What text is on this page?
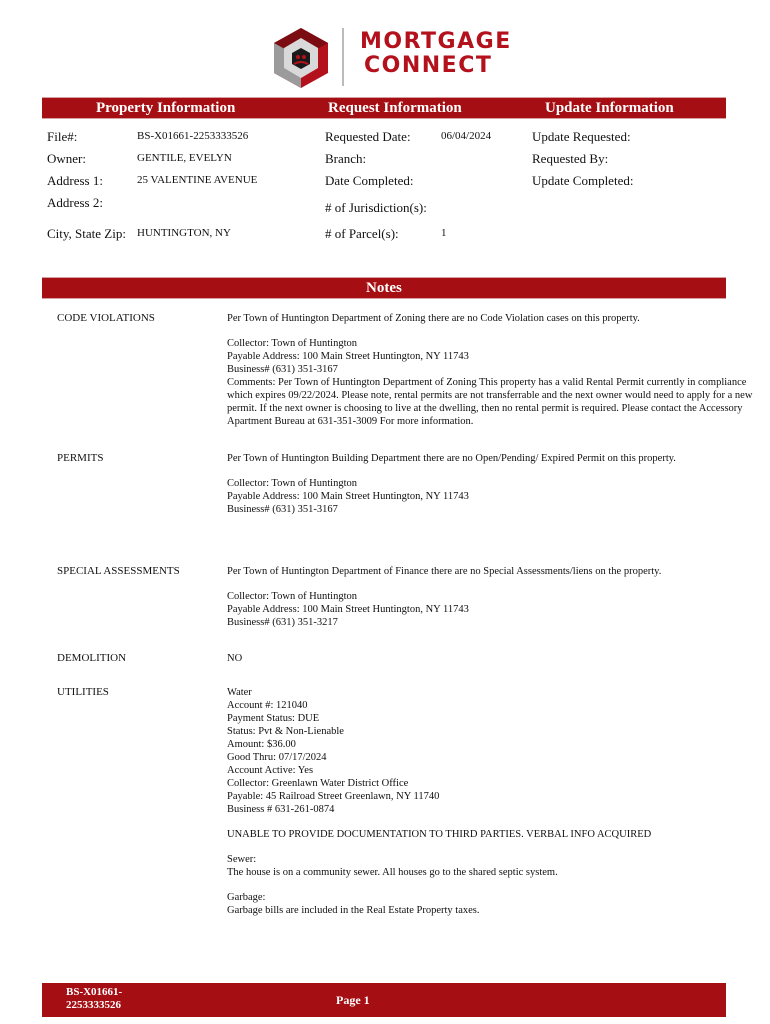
MORTGAGE
CONNECT
Property Information	Request Information	Update Information
File#:	BS-X01661-2253333526
Owner:	GENTILE, EVELYN
Address 1:	25 VALENTINE AVENUE
Address 2:
City, State Zip: HUNTINGTON, NY
Requested Date:	06/04/2024
Branch:
Date Completed:
# of Jurisdiction(s):
# of Parcel(s):	1
Update Requested:
Requested By:
Update Completed:
Notes
CODE VIOLATIONS	Per Town of Huntington Department of Zoning there are no Code Violation cases on this property.

Collector: Town of Huntington
Payable Address: 100 Main Street Huntington, NY 11743
Business# (631) 351-3167
Comments: Per Town of Huntington Department of Zoning This property has a valid Rental Permit currently in compliance which expires 09/22/2024. Please note, rental permits are not transferrable and the next owner would need to apply for a new permit. If the next owner is choosing to live at the dwelling, then no rental permit is required. Please contact the Accessory Apartment Bureau at 631-351-3009 For more information.

PERMITS	Per Town of Huntington Building Department there are no Open/Pending/ Expired Permit on this property.

Collector: Town of Huntington
Payable Address: 100 Main Street Huntington, NY 11743
Business# (631) 351-3167

SPECIAL ASSESSMENTS	Per Town of Huntington Department of Finance there are no Special Assessments/liens on the property.

Collector: Town of Huntington
Payable Address: 100 Main Street Huntington, NY 11743
Business# (631) 351-3217

DEMOLITION	NO

UTILITIES	Water
Account #: 121040
Payment Status: DUE
Status: Pvt & Non-Lienable
Amount: $36.00
Good Thru: 07/17/2024
Account Active: Yes
Collector: Greenlawn Water District Office
Payable: 45 Railroad Street Greenlawn, NY 11740
Business # 631-261-0874

UNABLE TO PROVIDE DOCUMENTATION TO THIRD PARTIES. VERBAL INFO ACQUIRED

Sewer:
The house is on a community sewer. All houses go to the shared septic system.

Garbage:
Garbage bills are included in the Real Estate Property taxes.

BS-X01661-
2253333526	Page 1
